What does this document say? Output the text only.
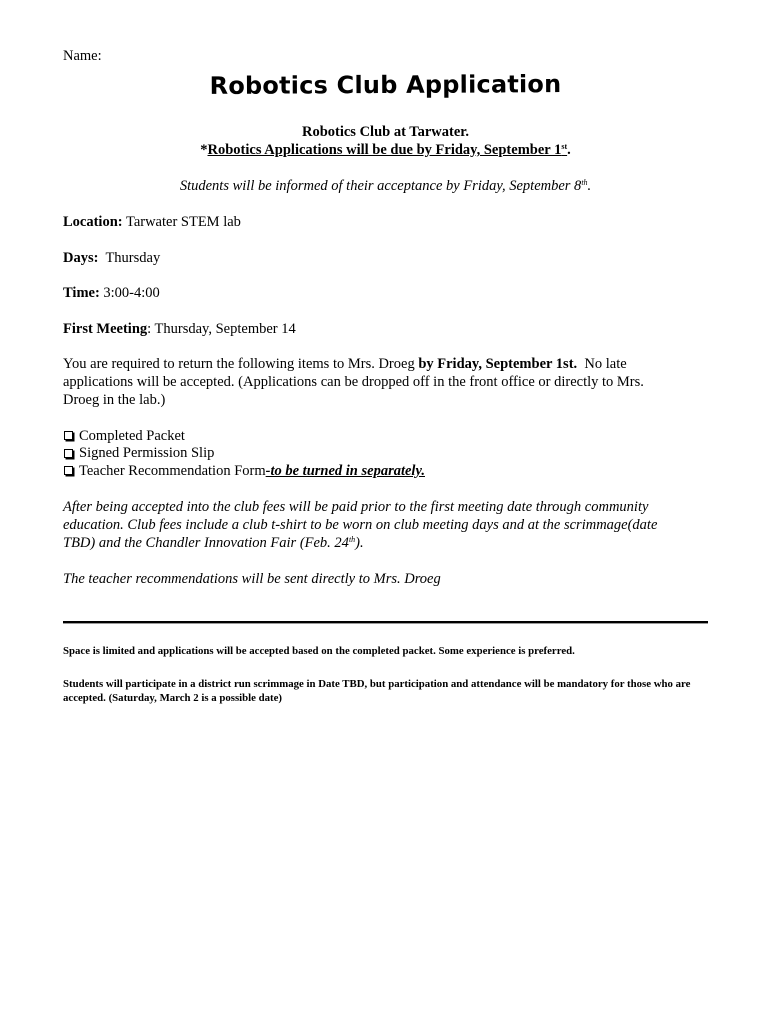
Name:
Robotics Club Application
Robotics Club at Tarwater.
*Robotics Applications will be due by Friday, September 1st.
Students will be informed of their acceptance by Friday, September 8th.
Location: Tarwater STEM lab
Days:  Thursday
Time: 3:00-4:00
First Meeting: Thursday, September 14
You are required to return the following items to Mrs. Droeg by Friday, September 1st.  No late applications will be accepted. (Applications can be dropped off in the front office or directly to Mrs. Droeg in the lab.)
Completed Packet
Signed Permission Slip
Teacher Recommendation Form -to be turned in separately.
After being accepted into the club fees will be paid prior to the first meeting date through community education. Club fees include a club t-shirt to be worn on club meeting days and at the scrimmage(date TBD) and the Chandler Innovation Fair (Feb. 24th).
The teacher recommendations will be sent directly to Mrs. Droeg
Space is limited and applications will be accepted based on the completed packet. Some experience is preferred.
Students will participate in a district run scrimmage in Date TBD, but participation and attendance will be mandatory for those who are accepted. (Saturday, March 2 is a possible date)
